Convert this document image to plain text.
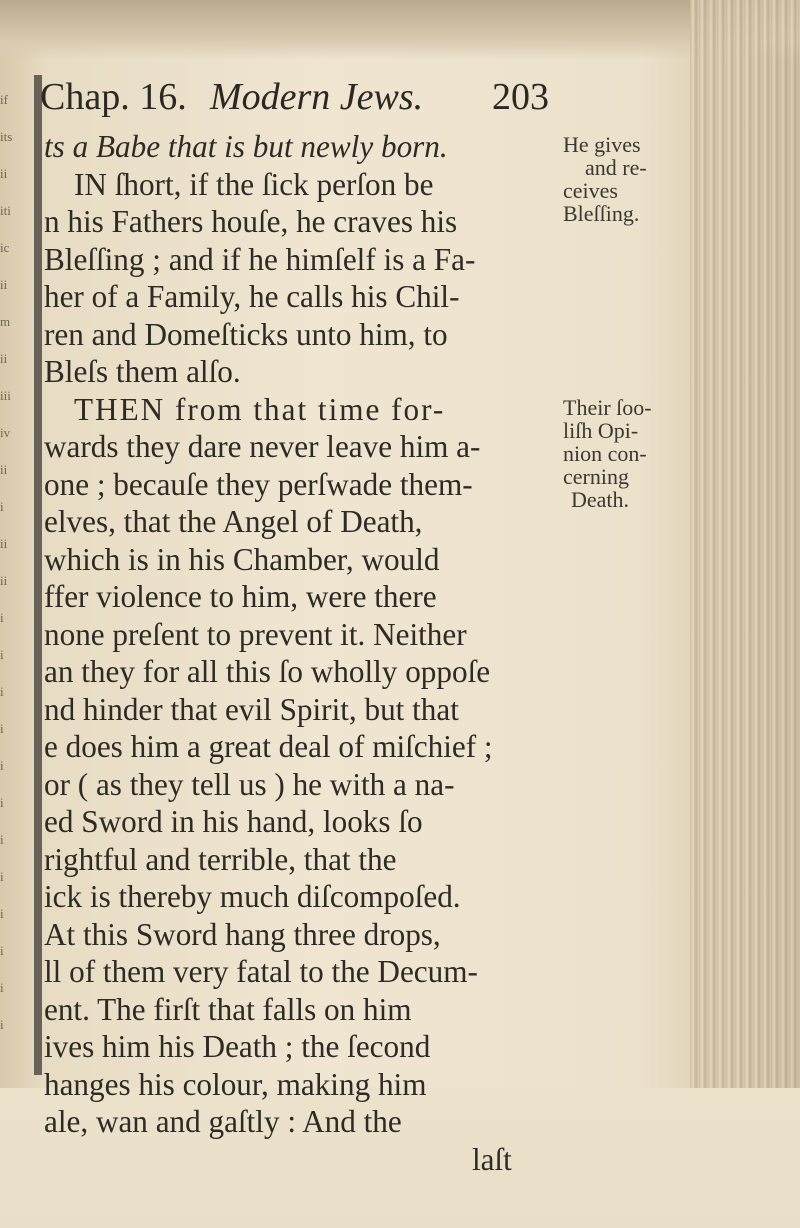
if
its
ii
iti
ic
ii
m
ii
iii
iv
ii
i
ii
ii
i
i
i
i
i
i
i
i
i
i
i
i
Chap. 16. Modern Jews. 203
ts a Babe that is but newly born.
IN ſhort, if the ſick perſon be
n his Fathers houſe, he craves his
Bleſſing ; and if he himſelf is a Fa-
her of a Family, he calls his Chil-
ren and Domeſticks unto him, to
Bleſs them alſo.
THEN from that time for-
wards they dare never leave him a-
one ; becauſe they perſwade them-
elves, that the Angel of Death,
which is in his Chamber, would
ffer violence to him, were there
none preſent to prevent it. Neither
an they for all this ſo wholly oppoſe
nd hinder that evil Spirit, but that
e does him a great deal of miſchief ;
or ( as they tell us ) he with a na-
ed Sword in his hand, looks ſo
rightful and terrible, that the
ick is thereby much diſcompoſed.
At this Sword hang three drops,
ll of them very fatal to the Decum-
ent. The firſt that falls on him
ives him his Death ; the ſecond
hanges his colour, making him
ale, wan and gaſtly : And the
laſt
He gives
and re-
ceives
Bleſſing.
Their ſoo-
liſh Opi-
nion con-
cerning
Death.
